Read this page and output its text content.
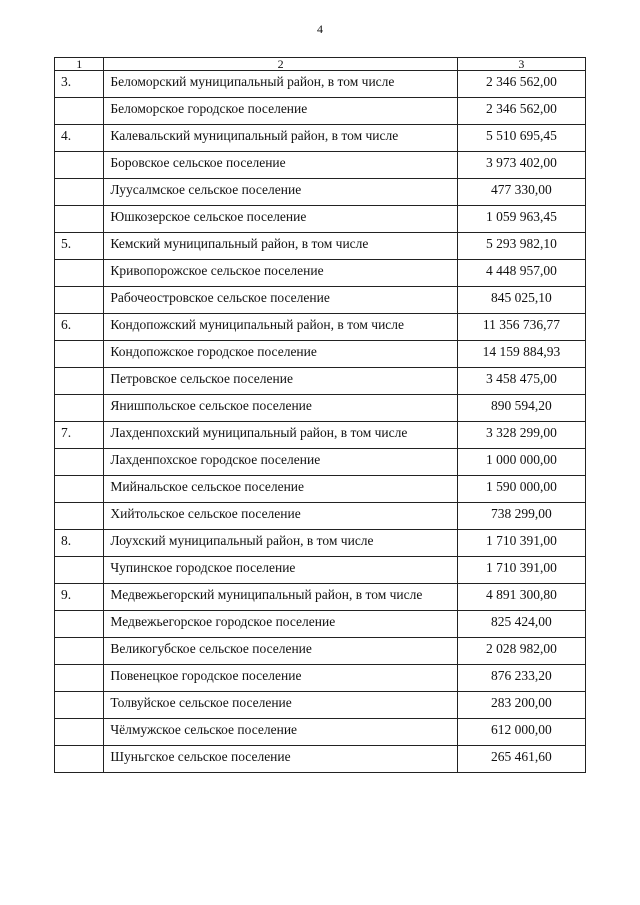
4
1	2	3
3.	Беломорский муниципальный район, в том числе	2 346 562,00
	Беломорское городское поселение	2 346 562,00
4.	Калевальский муниципальный район, в том числе	5 510 695,45
	Боровское сельское поселение	3 973 402,00
	Луусалмское сельское поселение	477 330,00
	Юшкозерское сельское поселение	1 059 963,45
5.	Кемский муниципальный район, в том числе	5 293 982,10
	Кривопорожское сельское поселение	4 448 957,00
	Рабочеостровское сельское поселение	845 025,10
6.	Кондопожский муниципальный район, в том числе	11 356 736,77
	Кондопожское городское поселение	14 159 884,93
	Петровское сельское поселение	3 458 475,00
	Янишпольское сельское поселение	890 594,20
7.	Лахденпохский муниципальный район, в том числе	3 328 299,00
	Лахденпохское городское поселение	1 000 000,00
	Мийнальское сельское поселение	1 590 000,00
	Хийтольское сельское поселение	738 299,00
8.	Лоухский муниципальный район, в том числе	1 710 391,00
	Чупинское городское поселение	1 710 391,00
9.	Медвежьегорский муниципальный район, в том числе	4 891 300,80
	Медвежьегорское городское поселение	825 424,00
	Великогубское сельское поселение	2 028 982,00
	Повенецкое городское поселение	876 233,20
	Толвуйское сельское поселение	283 200,00
	Чёлмужское сельское поселение	612 000,00
	Шуньгское сельское поселение	265 461,60
